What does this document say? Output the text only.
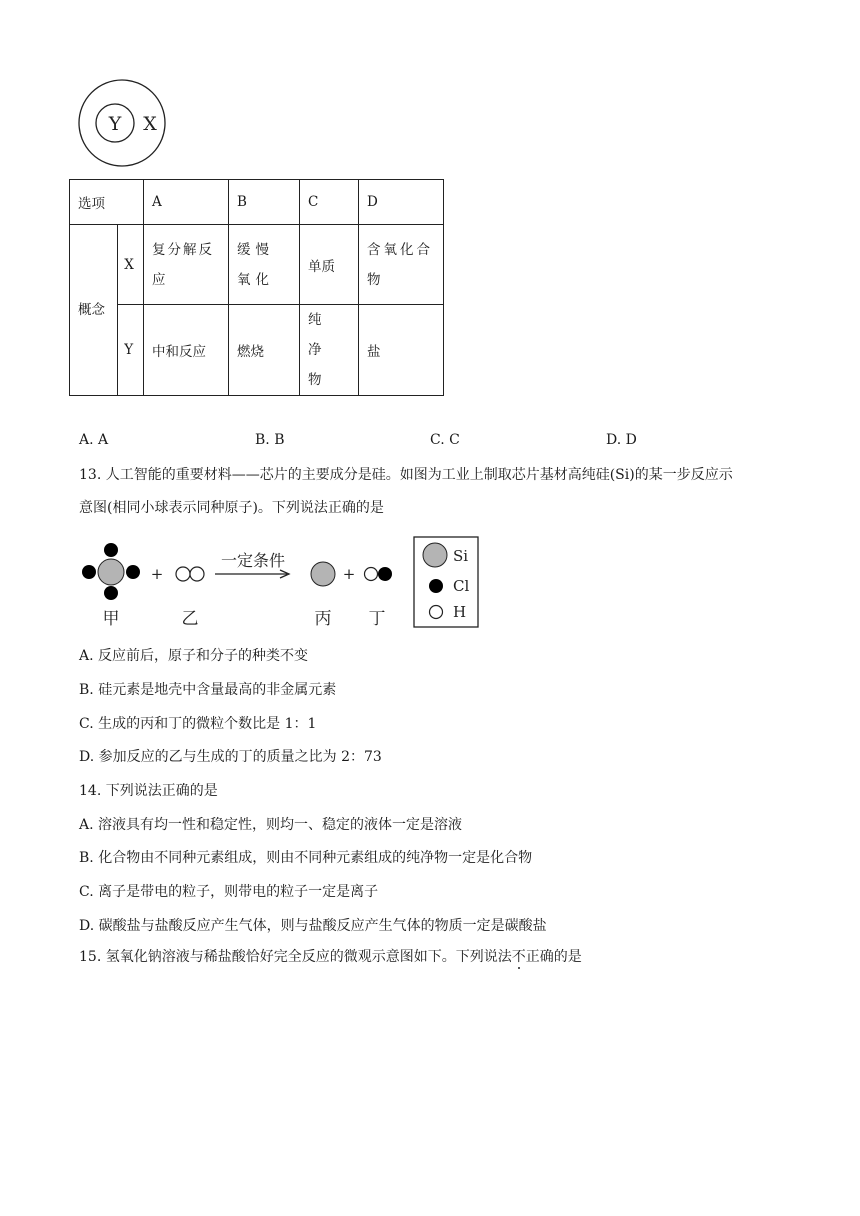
Y X
选项		A	B	C	D
概念	X	复分解反应	缓慢氧化	单质	含氧化合物
	Y	中和反应	燃烧	纯净物	盐
A. A	B. B	C. C	D. D
13. 人工智能的重要材料——芯片的主要成分是硅。如图为工业上制取芯片基材高纯硅(Si)的某一步反应示
意图(相同小球表示同种原子)。下列说法正确的是
+
一定条件
+
甲	乙	丙 丁
Si
Cl
H
A. 反应前后，原子和分子的种类不变
B. 硅元素是地壳中含量最高的非金属元素
C. 生成的丙和丁的微粒个数比是 1：1
D. 参加反应的乙与生成的丁的质量之比为 2：73
14. 下列说法正确的是
A. 溶液具有均一性和稳定性，则均一、稳定的液体一定是溶液
B. 化合物由不同种元素组成，则由不同种元素组成的纯净物一定是化合物
C. 离子是带电的粒子，则带电的粒子一定是离子
D. 碳酸盐与盐酸反应产生气体，则与盐酸反应产生气体的物质一定是碳酸盐
15. 氢氧化钠溶液与稀盐酸恰好完全反应的微观示意图如下。下列说法不正确的是
